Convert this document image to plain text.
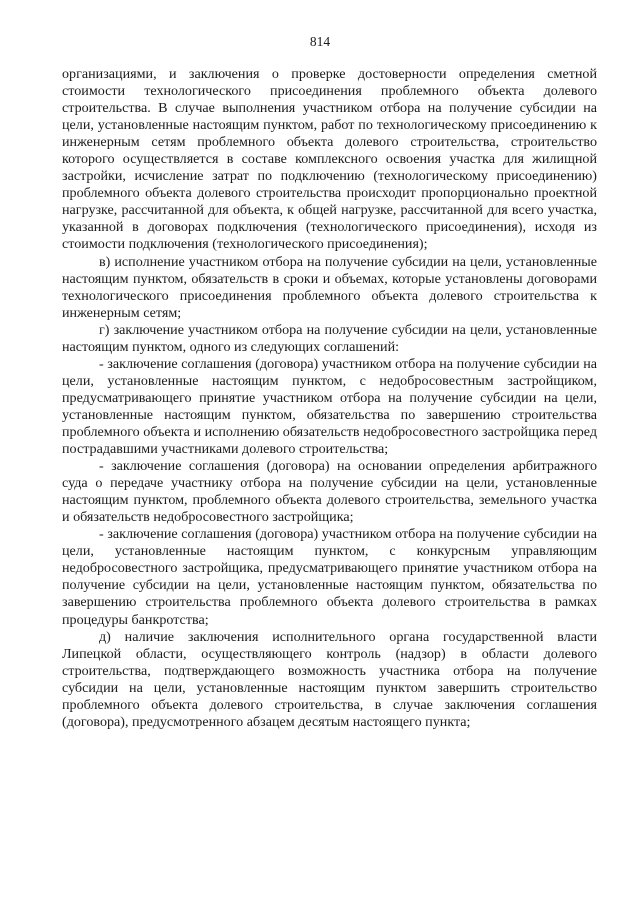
814

организациями, и заключения о проверке достоверности определения сметной стоимости технологического присоединения проблемного объекта долевого строительства. В случае выполнения участником отбора на получение субсидии на цели, установленные настоящим пунктом, работ по технологическому присоединению к инженерным сетям проблемного объекта долевого строительства, строительство которого осуществляется в составе комплексного освоения участка для жилищной застройки, исчисление затрат по подключению (технологическому присоединению) проблемного объекта долевого строительства происходит пропорционально проектной нагрузке, рассчитанной для объекта, к общей нагрузке, рассчитанной для всего участка, указанной в договорах подключения (технологического присоединения), исходя из стоимости подключения (технологического присоединения);

в) исполнение участником отбора на получение субсидии на цели, установленные настоящим пунктом, обязательств в сроки и объемах, которые установлены договорами технологического присоединения проблемного объекта долевого строительства к инженерным сетям;

г) заключение участником отбора на получение субсидии на цели, установленные настоящим пунктом, одного из следующих соглашений:

- заключение соглашения (договора) участником отбора на получение субсидии на цели, установленные настоящим пунктом, с недобросовестным застройщиком, предусматривающего принятие участником отбора на получение субсидии на цели, установленные настоящим пунктом, обязательства по завершению строительства проблемного объекта и исполнению обязательств недобросовестного застройщика перед пострадавшими участниками долевого строительства;

- заключение соглашения (договора) на основании определения арбитражного суда о передаче участнику отбора на получение субсидии на цели, установленные настоящим пунктом, проблемного объекта долевого строительства, земельного участка и обязательств недобросовестного застройщика;

- заключение соглашения (договора) участником отбора на получение субсидии на цели, установленные настоящим пунктом, с конкурсным управляющим недобросовестного застройщика, предусматривающего принятие участником отбора на получение субсидии на цели, установленные настоящим пунктом, обязательства по завершению строительства проблемного объекта долевого строительства в рамках процедуры банкротства;

д) наличие заключения исполнительного органа государственной власти Липецкой области, осуществляющего контроль (надзор) в области долевого строительства, подтверждающего возможность участника отбора на получение субсидии на цели, установленные настоящим пунктом завершить строительство проблемного объекта долевого строительства, в случае заключения соглашения (договора), предусмотренного абзацем десятым настоящего пункта;
